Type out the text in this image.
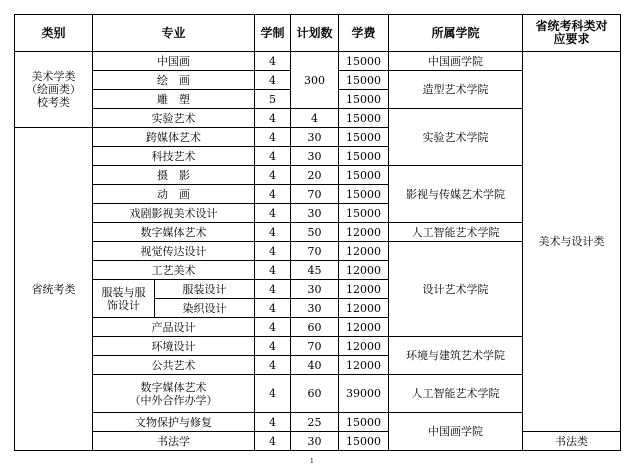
类别	专业		学制	计划数	学费	所属学院	省统考科类对
应要求

美术学类
（绘画类）
校考类	中国画		4	300	15000	中国画学院	美术与设计类
	绘　画		4		15000	造型艺术学院	
	雕　塑		5		15000		
	实验艺术		4	4	15000	实验艺术学院	
省统考类	跨媒体艺术		4	30	15000		
	科技艺术		4	30	15000		
	摄　影		4	20	15000	影视与传媒艺术学院	
	动　画		4	70	15000		
	戏剧影视美术设计		4	30	15000		
	数字媒体艺术		4	50	12000	人工智能艺术学院	
	视觉传达设计		4	70	12000	设计艺术学院	
	工艺美术		4	45	12000		

	服装与服
饰设计	服装设计	4	30	12000		
		染织设计	4	30	12000		
	产品设计		4	60	12000		
	环境设计		4	70	12000	环境与建筑艺术学院	
	公共艺术		4	40	12000		

	数字媒体艺术
（中外合作办学）		4	60	39000	人工智能艺术学院	
	文物保护与修复		4	25	15000	中国画学院	
	书法学		4	30	15000		书法类
1
